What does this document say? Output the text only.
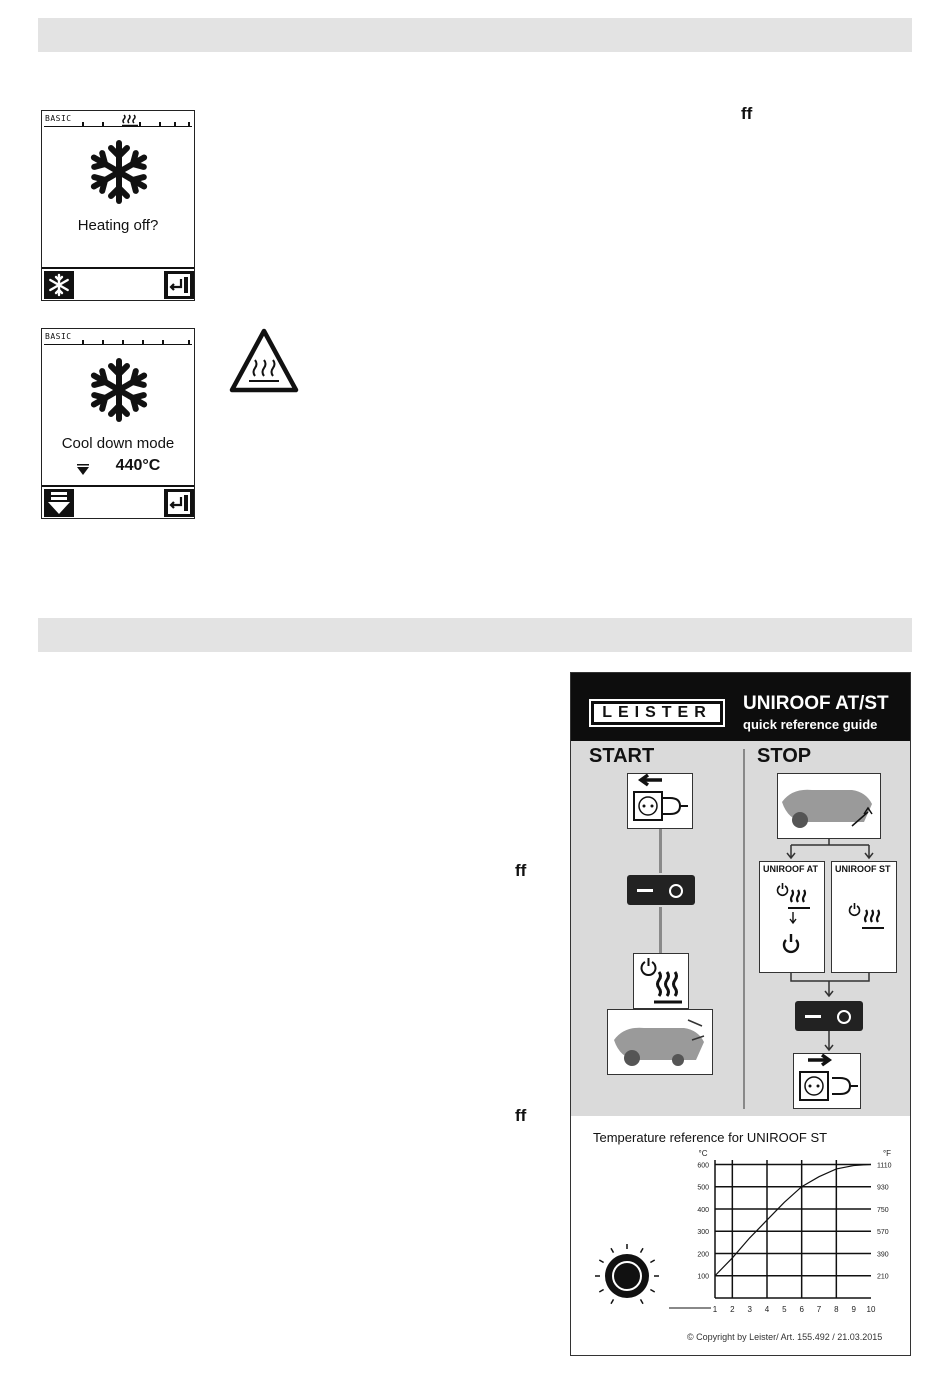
BASIC
Heating off?
BASIC
Cool down mode
440°C
ff
ff
ff
LEISTER	UNIROOF AT/ST
quick reference guide
START	STOP
UNIROOF AT UNIROOF ST
Temperature reference for UNIROOF ST
°C	°F
100	210
200	390
300	570
400	750
500	930
600	1110
1 2 3 4 5 6 7 8 9 10
© Copyright by Leister/ Art. 155.492 / 21.03.2015
